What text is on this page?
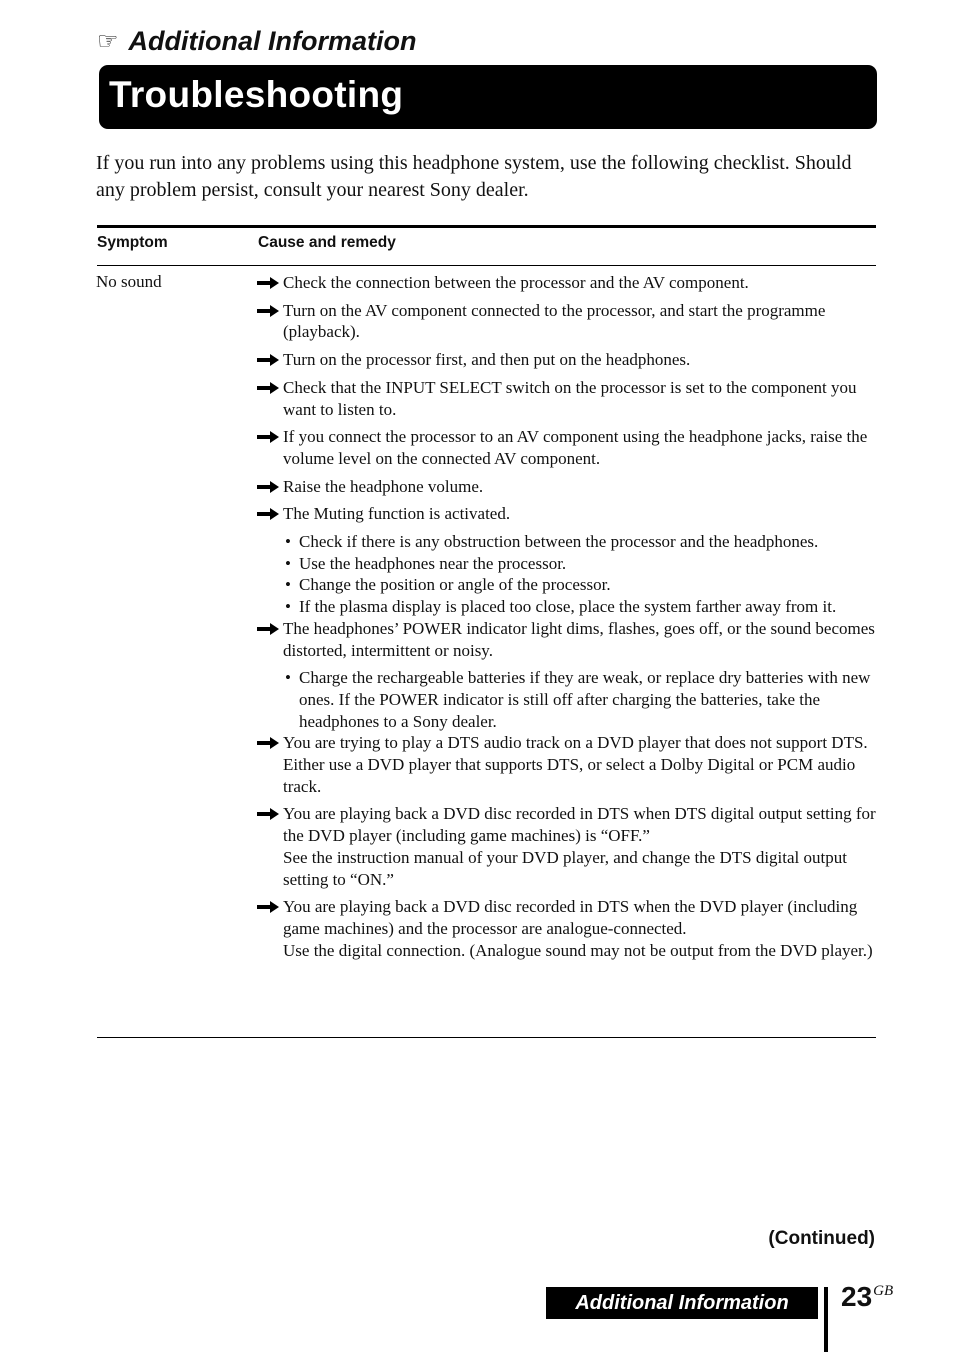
☞ Additional Information
Troubleshooting

If you run into any problems using this headphone system, use the following checklist. Should any problem persist, consult your nearest Sony dealer.

Symptom	Cause and remedy
No sound	Check the connection between the processor and the AV component.
Turn on the AV component connected to the processor, and start the programme (playback).
Turn on the processor first, and then put on the headphones.
Check that the INPUT SELECT switch on the processor is set to the component you want to listen to.
If you connect the processor to an AV component using the headphone jacks, raise the volume level on the connected AV component.
Raise the headphone volume.
The Muting function is activated.
• Check if there is any obstruction between the processor and the headphones.
• Use the headphones near the processor.
• Change the position or angle of the processor.
• If the plasma display is placed too close, place the system farther away from it.
The headphones’ POWER indicator light dims, flashes, goes off, or the sound becomes distorted, intermittent or noisy.
• Charge the rechargeable batteries if they are weak, or replace dry batteries with new ones. If the POWER indicator is still off after charging the batteries, take the headphones to a Sony dealer.
You are trying to play a DTS audio track on a DVD player that does not support DTS.
Either use a DVD player that supports DTS, or select a Dolby Digital or PCM audio track.
You are playing back a DVD disc recorded in DTS when DTS digital output setting for the DVD player (including game machines) is “OFF.”
See the instruction manual of your DVD player, and change the DTS digital output setting to “ON.”
You are playing back a DVD disc recorded in DTS when the DVD player (including game machines) and the processor are analogue-connected.
Use the digital connection. (Analogue sound may not be output from the DVD player.)
(Continued)
Additional Information	$23^{GB}$
